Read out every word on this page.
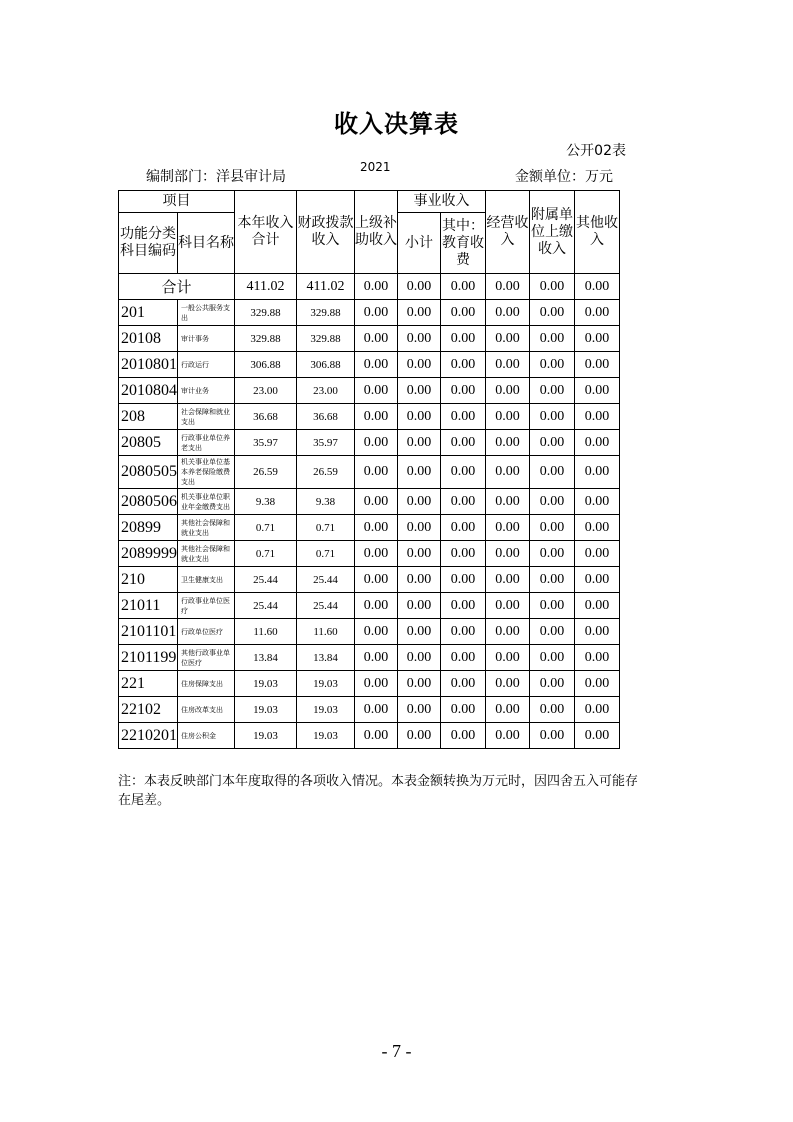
收入决算表
公开02表
编制部门：洋县审计局
2021
金额单位：万元
项目		本年收入合计	财政拨款收入	上级补助收入	事业收入		经营收入	附属单位上缴收入	其他收入
功能分类科目编码	科目名称				小计	其中：教育收费			

合计		411.02	411.02	0.00	0.00	0.00	0.00	0.00	0.00
201	一般公共服务支出	329.88	329.88	0.00	0.00	0.00	0.00	0.00	0.00
20108	审计事务	329.88	329.88	0.00	0.00	0.00	0.00	0.00	0.00
2010801	行政运行	306.88	306.88	0.00	0.00	0.00	0.00	0.00	0.00
2010804	审计业务	23.00	23.00	0.00	0.00	0.00	0.00	0.00	0.00
208	社会保障和就业支出	36.68	36.68	0.00	0.00	0.00	0.00	0.00	0.00
20805	行政事业单位养老支出	35.97	35.97	0.00	0.00	0.00	0.00	0.00	0.00
2080505	机关事业单位基本养老保险缴费支出	26.59	26.59	0.00	0.00	0.00	0.00	0.00	0.00
2080506	机关事业单位职业年金缴费支出	9.38	9.38	0.00	0.00	0.00	0.00	0.00	0.00
20899	其他社会保障和就业支出	0.71	0.71	0.00	0.00	0.00	0.00	0.00	0.00
2089999	其他社会保障和就业支出	0.71	0.71	0.00	0.00	0.00	0.00	0.00	0.00
210	卫生健康支出	25.44	25.44	0.00	0.00	0.00	0.00	0.00	0.00
21011	行政事业单位医疗	25.44	25.44	0.00	0.00	0.00	0.00	0.00	0.00
2101101	行政单位医疗	11.60	11.60	0.00	0.00	0.00	0.00	0.00	0.00
2101199	其他行政事业单位医疗	13.84	13.84	0.00	0.00	0.00	0.00	0.00	0.00
221	住房保障支出	19.03	19.03	0.00	0.00	0.00	0.00	0.00	0.00
22102	住房改革支出	19.03	19.03	0.00	0.00	0.00	0.00	0.00	0.00
2210201	住房公积金	19.03	19.03	0.00	0.00	0.00	0.00	0.00	0.00
注：本表反映部门本年度取得的各项收入情况。本表金额转换为万元时，因四舍五入可能存在尾差。
- 7 -
